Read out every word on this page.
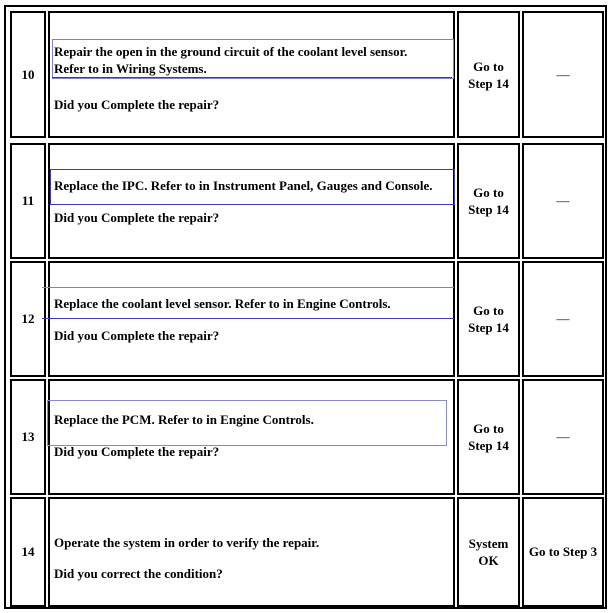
10
Repair the open in the ground circuit of the coolant level sensor.
Refer to in Wiring Systems.
Did you Complete the repair?
Go to
Step 14
—
11
Replace the IPC. Refer to in Instrument Panel, Gauges and Console.
Did you Complete the repair?
Go to
Step 14
—
12
Replace the coolant level sensor. Refer to in Engine Controls.
Did you Complete the repair?
Go to
Step 14
—
13
Replace the PCM. Refer to in Engine Controls.
Did you Complete the repair?
Go to
Step 14
—
14
Operate the system in order to verify the repair.
Did you correct the condition?
System
OK
Go to Step 3
